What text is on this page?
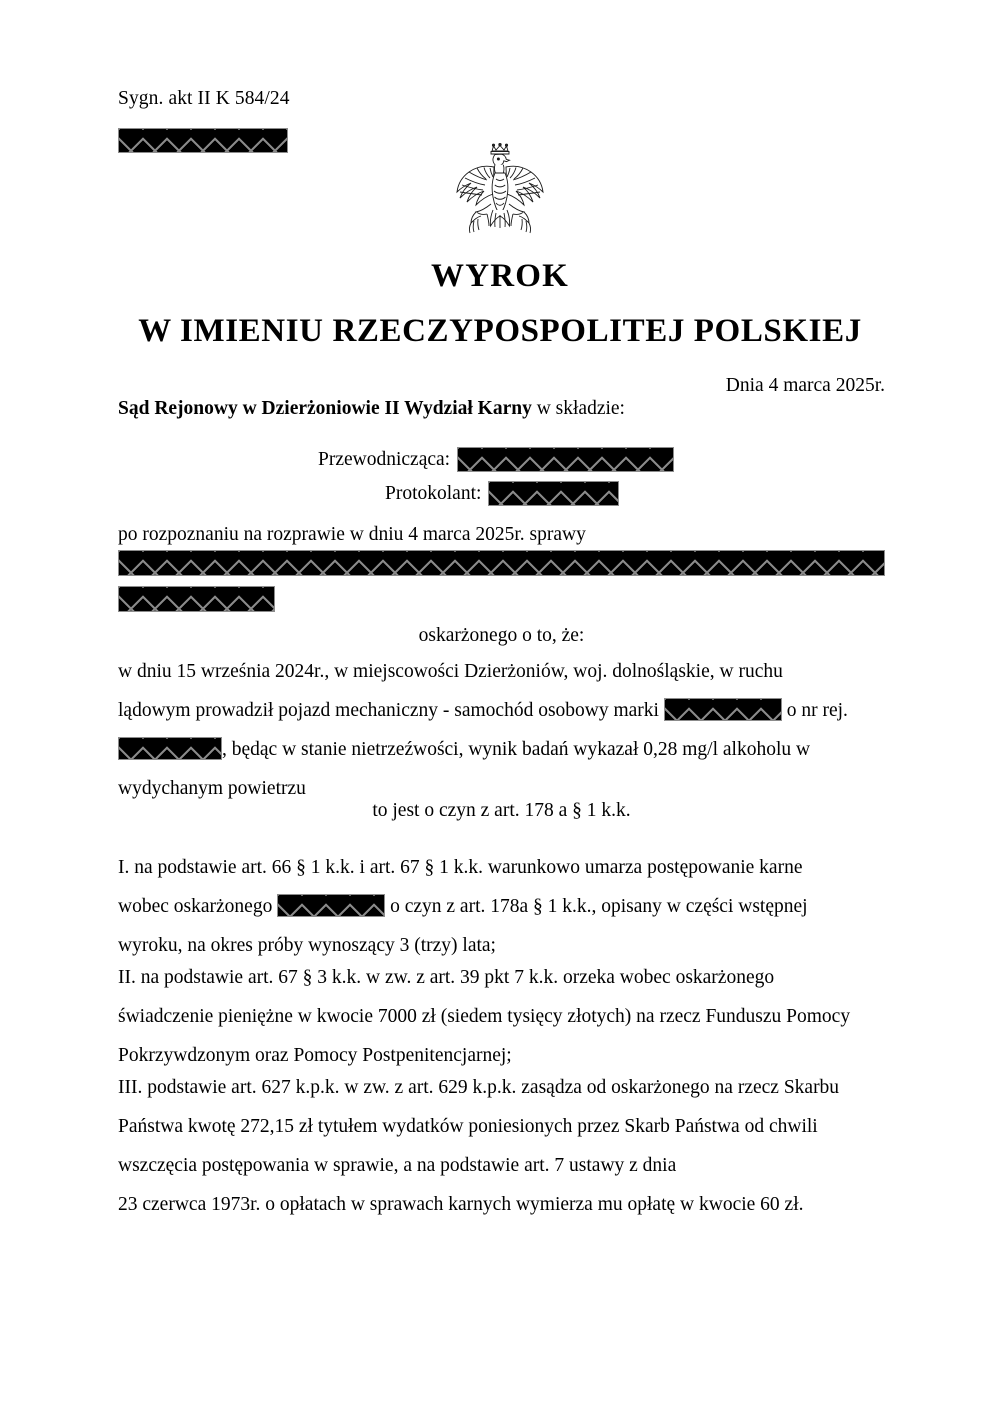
Sygn. akt II K 584/24
WYROK
W IMIENIU RZECZYPOSPOLITEJ POLSKIEJ
Dnia 4 marca 2025r.
Sąd Rejonowy w Dzierżoniowie II Wydział Karny w składzie:
Przewodnicząca:
Protokolant:
po rozpoznaniu na rozprawie w dniu 4 marca 2025r. sprawy
oskarżonego o to, że:
w dniu 15 września 2024r., w miejscowości Dzierżoniów, woj. dolnośląskie, w ruchu
lądowym prowadził pojazd mechaniczny - samochód osobowy marki	o nr rej.
, będąc w stanie nietrzeźwości, wynik badań wykazał 0,28 mg/l alkoholu w
wydychanym powietrzu
to jest o czyn z art. 178 a § 1 k.k.
I. na podstawie art. 66 § 1 k.k. i art. 67 § 1 k.k. warunkowo umarza postępowanie karne
wobec oskarżonego	o czyn z art. 178a § 1 k.k., opisany w części wstępnej
wyroku, na okres próby wynoszący 3 (trzy) lata;
II. na podstawie art. 67 § 3 k.k. w zw. z art. 39 pkt 7 k.k. orzeka wobec oskarżonego
świadczenie pieniężne w kwocie 7000 zł (siedem tysięcy złotych) na rzecz Funduszu Pomocy
Pokrzywdzonym oraz Pomocy Postpenitencjarnej;
III. podstawie art. 627 k.p.k. w zw. z art. 629 k.p.k. zasądza od oskarżonego na rzecz Skarbu
Państwa kwotę 272,15 zł tytułem wydatków poniesionych przez Skarb Państwa od chwili
wszczęcia postępowania w sprawie, a na podstawie art. 7 ustawy z dnia
23 czerwca 1973r. o opłatach w sprawach karnych wymierza mu opłatę w kwocie 60 zł.
